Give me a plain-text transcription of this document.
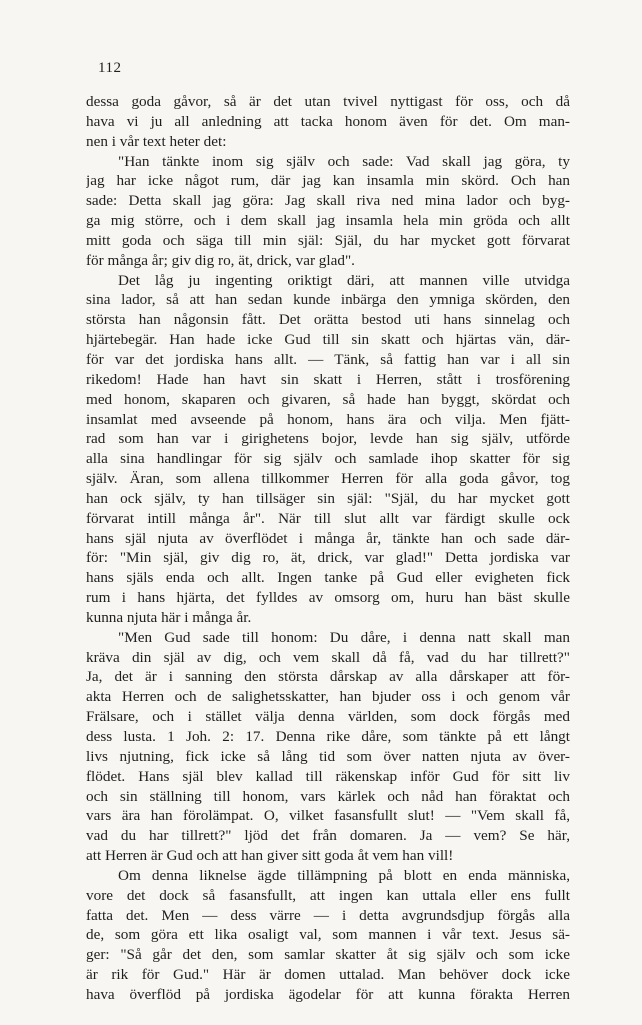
112
dessa goda gåvor, så är det utan tvivel nyttigast för oss, och då
hava vi ju all anledning att tacka honom även för det. Om man-
nen i vår text heter det:
"Han tänkte inom sig själv och sade: Vad skall jag göra, ty
jag har icke något rum, där jag kan insamla min skörd. Och han
sade: Detta skall jag göra: Jag skall riva ned mina lador och byg-
ga mig större, och i dem skall jag insamla hela min gröda och allt
mitt goda och säga till min själ: Själ, du har mycket gott förvarat
för många år; giv dig ro, ät, drick, var glad".
Det låg ju ingenting oriktigt däri, att mannen ville utvidga
sina lador, så att han sedan kunde inbärga den ymniga skörden, den
största han någonsin fått. Det orätta bestod uti hans sinnelag och
hjärtebegär. Han hade icke Gud till sin skatt och hjärtas vän, där-
för var det jordiska hans allt. — Tänk, så fattig han var i all sin
rikedom! Hade han havt sin skatt i Herren, stått i trosförening
med honom, skaparen och givaren, så hade han byggt, skördat och
insamlat med avseende på honom, hans ära och vilja. Men fjätt-
rad som han var i girighetens bojor, levde han sig själv, utförde
alla sina handlingar för sig själv och samlade ihop skatter för sig
själv. Äran, som allena tillkommer Herren för alla goda gåvor, tog
han ock själv, ty han tillsäger sin själ: "Själ, du har mycket gott
förvarat intill många år". När till slut allt var färdigt skulle ock
hans själ njuta av överflödet i många år, tänkte han och sade där-
för: "Min själ, giv dig ro, ät, drick, var glad!" Detta jordiska var
hans själs enda och allt. Ingen tanke på Gud eller evigheten fick
rum i hans hjärta, det fylldes av omsorg om, huru han bäst skulle
kunna njuta här i många år.
"Men Gud sade till honom: Du dåre, i denna natt skall man
kräva din själ av dig, och vem skall då få, vad du har tillrett?"
Ja, det är i sanning den största dårskap av alla dårskaper att för-
akta Herren och de salighetsskatter, han bjuder oss i och genom vår
Frälsare, och i stället välja denna världen, som dock förgås med
dess lusta. 1 Joh. 2: 17. Denna rike dåre, som tänkte på ett långt
livs njutning, fick icke så lång tid som över natten njuta av över-
flödet. Hans själ blev kallad till räkenskap inför Gud för sitt liv
och sin ställning till honom, vars kärlek och nåd han föraktat och
vars ära han förolämpat. O, vilket fasansfullt slut! — "Vem skall få,
vad du har tillrett?" ljöd det från domaren. Ja — vem? Se här,
att Herren är Gud och att han giver sitt goda åt vem han vill!
Om denna liknelse ägde tillämpning på blott en enda människa,
vore det dock så fasansfullt, att ingen kan uttala eller ens fullt
fatta det. Men — dess värre — i detta avgrundsdjup förgås alla
de, som göra ett lika osaligt val, som mannen i vår text. Jesus sä-
ger: "Så går det den, som samlar skatter åt sig själv och som icke
är rik för Gud." Här är domen uttalad. Man behöver dock icke
hava överflöd på jordiska ägodelar för att kunna förakta Herren
